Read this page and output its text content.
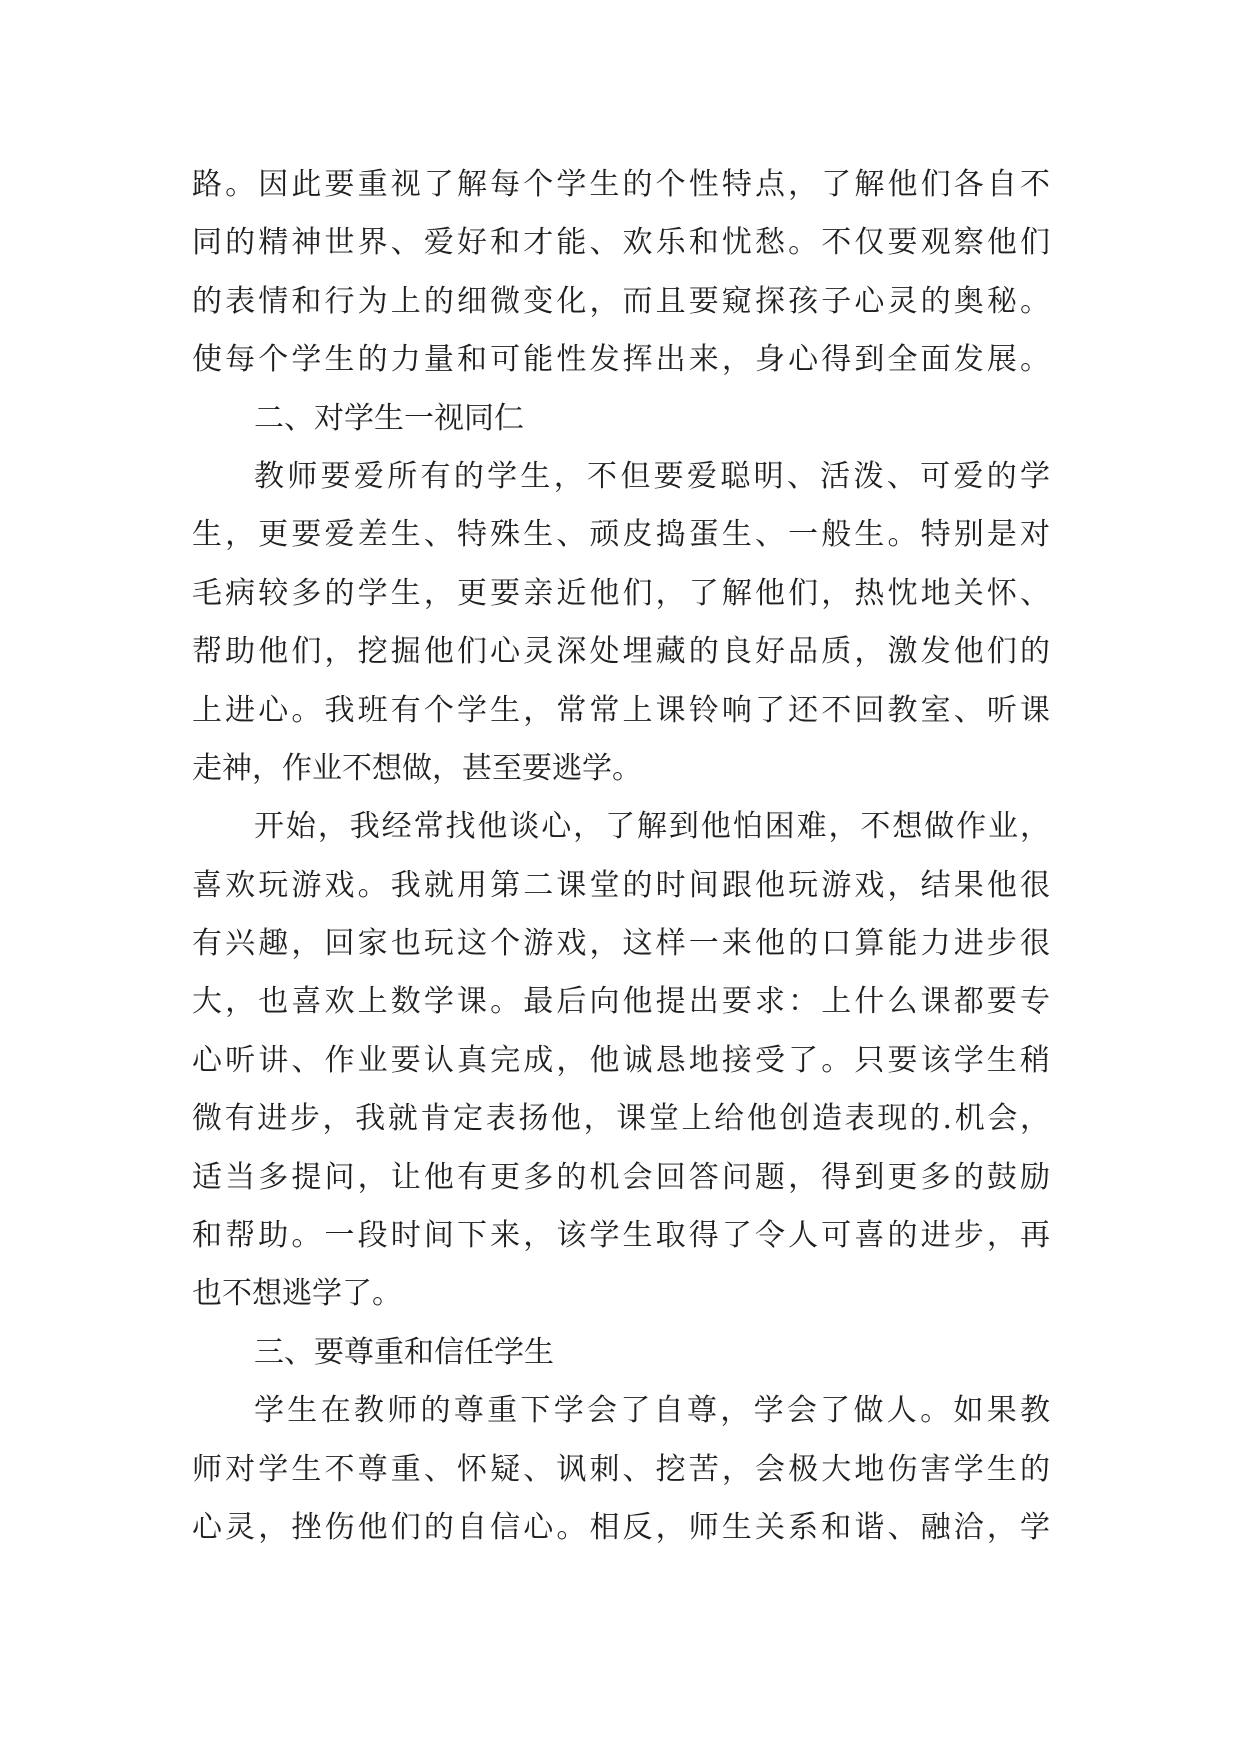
路。因此要重视了解每个学生的个性特点，了解他们各自不
同的精神世界、爱好和才能、欢乐和忧愁。不仅要观察他们
的表情和行为上的细微变化，而且要窥探孩子心灵的奥秘。
使每个学生的力量和可能性发挥出来，身心得到全面发展。
二、对学生一视同仁
教师要爱所有的学生，不但要爱聪明、活泼、可爱的学
生，更要爱差生、特殊生、顽皮捣蛋生、一般生。特别是对
毛病较多的学生，更要亲近他们，了解他们，热忱地关怀、
帮助他们，挖掘他们心灵深处埋藏的良好品质，激发他们的
上进心。我班有个学生，常常上课铃响了还不回教室、听课
走神，作业不想做，甚至要逃学。
开始，我经常找他谈心，了解到他怕困难，不想做作业，
喜欢玩游戏。我就用第二课堂的时间跟他玩游戏，结果他很
有兴趣，回家也玩这个游戏，这样一来他的口算能力进步很
大，也喜欢上数学课。最后向他提出要求：上什么课都要专
心听讲、作业要认真完成，他诚恳地接受了。只要该学生稍
微有进步，我就肯定表扬他，课堂上给他创造表现的.机会，
适当多提问，让他有更多的机会回答问题，得到更多的鼓励
和帮助。一段时间下来，该学生取得了令人可喜的进步，再
也不想逃学了。
三、要尊重和信任学生
学生在教师的尊重下学会了自尊，学会了做人。如果教
师对学生不尊重、怀疑、讽刺、挖苦，会极大地伤害学生的
心灵，挫伤他们的自信心。相反，师生关系和谐、融洽，学
